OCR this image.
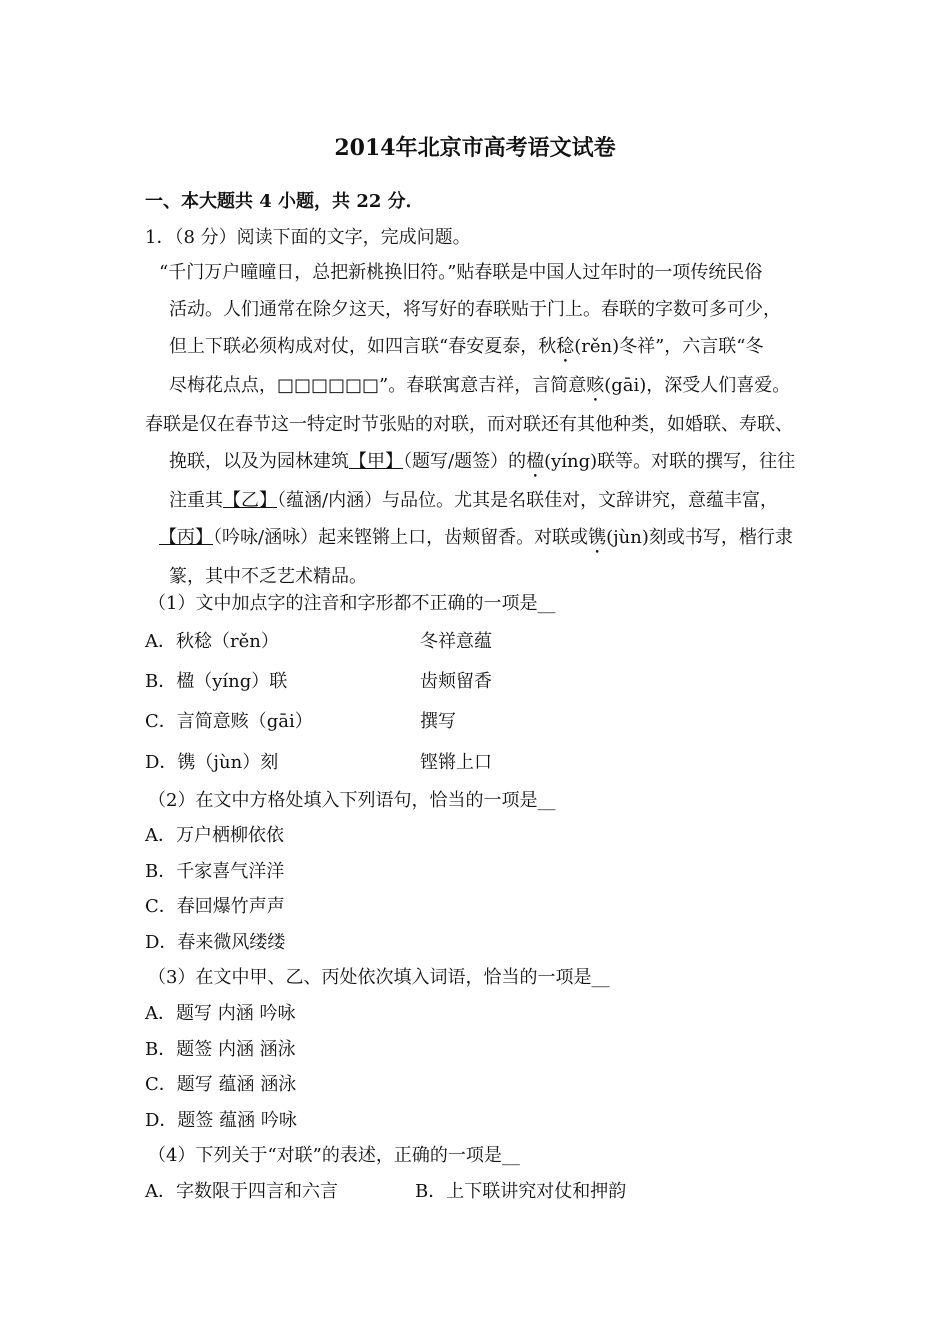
2014年北京市高考语文试卷
一、本大题共 4 小题，共 22 分．
1．（8 分）阅读下面的文字，完成问题。

“千门万户曈曈日，总把新桃换旧符。”贴春联是中国人过年时的一项传统民俗

活动。人们通常在除夕这天，将写好的春联贴于门上。春联的字数可多可少，

但上下联必须构成对仗，如四言联“春安夏泰，秋稔(rěn)冬祥”，六言联“冬

尽梅花点点，□□□□□□”。春联寓意吉祥，言简意赅(gāi)，深受人们喜爱。

春联是仅在春节这一特定时节张贴的对联，而对联还有其他种类，如婚联、寿联、

挽联，以及为园林建筑【甲】（题写/题签）的楹(yíng)联等。对联的撰写，往往

注重其【乙】（蕴涵/内涵）与品位。尤其是名联佳对，文辞讲究，意蕴丰富，

【丙】（吟咏/涵咏）起来铿锵上口，齿颊留香。对联或镌(jùn)刻或书写，楷行隶

篆，其中不乏艺术精品。

（1）文中加点字的注音和字形都不正确的一项是__
A．秋稔（rěn）	冬祥意蕴
B．楹（yíng）联	齿颊留香
C．言简意赅（gāi）	撰写
D．镌（jùn）刻	铿锵上口
（2）在文中方格处填入下列语句，恰当的一项是__
A．万户栖柳依依
B．千家喜气洋洋
C．春回爆竹声声
D．春来微风缕缕
（3）在文中甲、乙、丙处依次填入词语，恰当的一项是__
A．题写 内涵 吟咏
B．题签 内涵 涵泳
C．题写 蕴涵 涵泳
D．题签 蕴涵 吟咏
（4）下列关于“对联”的表述，正确的一项是__
A．字数限于四言和六言	B．上下联讲究对仗和押韵
